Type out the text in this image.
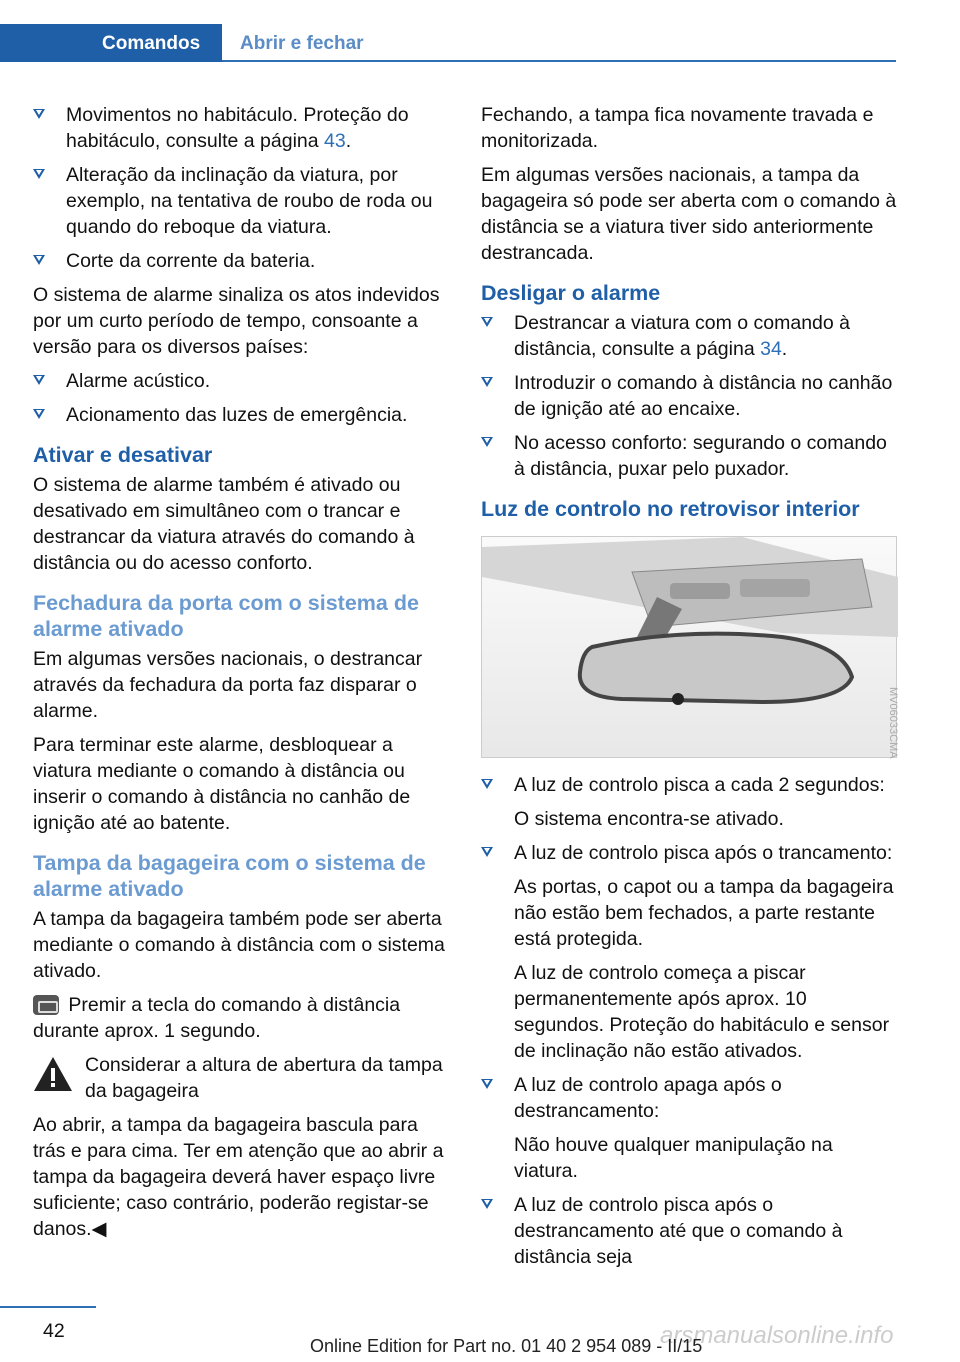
Comandos	Abrir e fechar
Movimentos no habitáculo. Proteção do habitáculo, consulte a página 43.
Alteração da inclinação da viatura, por exemplo, na tentativa de roubo de roda ou quando do reboque da viatura.
Corte da corrente da bateria.

O sistema de alarme sinaliza os atos indevidos por um curto período de tempo, consoante a versão para os diversos países:

Alarme acústico.
Acionamento das luzes de emergência.
Ativar e desativar

O sistema de alarme também é ativado ou desativado em simultâneo com o trancar e destrancar da viatura através do comando à distância ou do acesso conforto.

Fechadura da porta com o sistema de alarme ativado

Em algumas versões nacionais, o destrancar através da fechadura da porta faz disparar o alarme.

Para terminar este alarme, desbloquear a viatura mediante o comando à distância ou inserir o comando à distância no canhão de ignição até ao batente.

Tampa da bagageira com o sistema de alarme ativado

A tampa da bagageira também pode ser aberta mediante o comando à distância com o sistema ativado.

Premir a tecla do comando à distância durante aprox. 1 segundo.

Considerar a altura de abertura da tampa da bagageira

Ao abrir, a tampa da bagageira bascula para trás e para cima. Ter em atenção que ao abrir a tampa da bagageira deverá haver espaço livre suficiente; caso contrário, poderão registar-se danos.◀

Fechando, a tampa fica novamente travada e monitorizada.

Em algumas versões nacionais, a tampa da bagageira só pode ser aberta com o comando à distância se a viatura tiver sido anteriormente destrancada.

Desligar o alarme
Destrancar a viatura com o comando à distância, consulte a página 34.
Introduzir o comando à distância no canhão de ignição até ao encaixe.
No acesso conforto: segurando o comando à distância, puxar pelo puxador.
Luz de controlo no retrovisor interior
MV06033CMA
A luz de controlo pisca a cada 2 segundos:

O sistema encontra-se ativado.

A luz de controlo pisca após o trancamento:

As portas, o capot ou a tampa da bagageira não estão bem fechados, a parte restante está protegida.

A luz de controlo começa a piscar permanentemente após aprox. 10 segundos. Proteção do habitáculo e sensor de inclinação não estão ativados.

A luz de controlo apaga após o destrancamento:

Não houve qualquer manipulação na viatura.

A luz de controlo pisca após o destrancamento até que o comando à distância seja
42	arsmanualsonline.info
Online Edition for Part no. 01 40 2 954 089 - II/15
